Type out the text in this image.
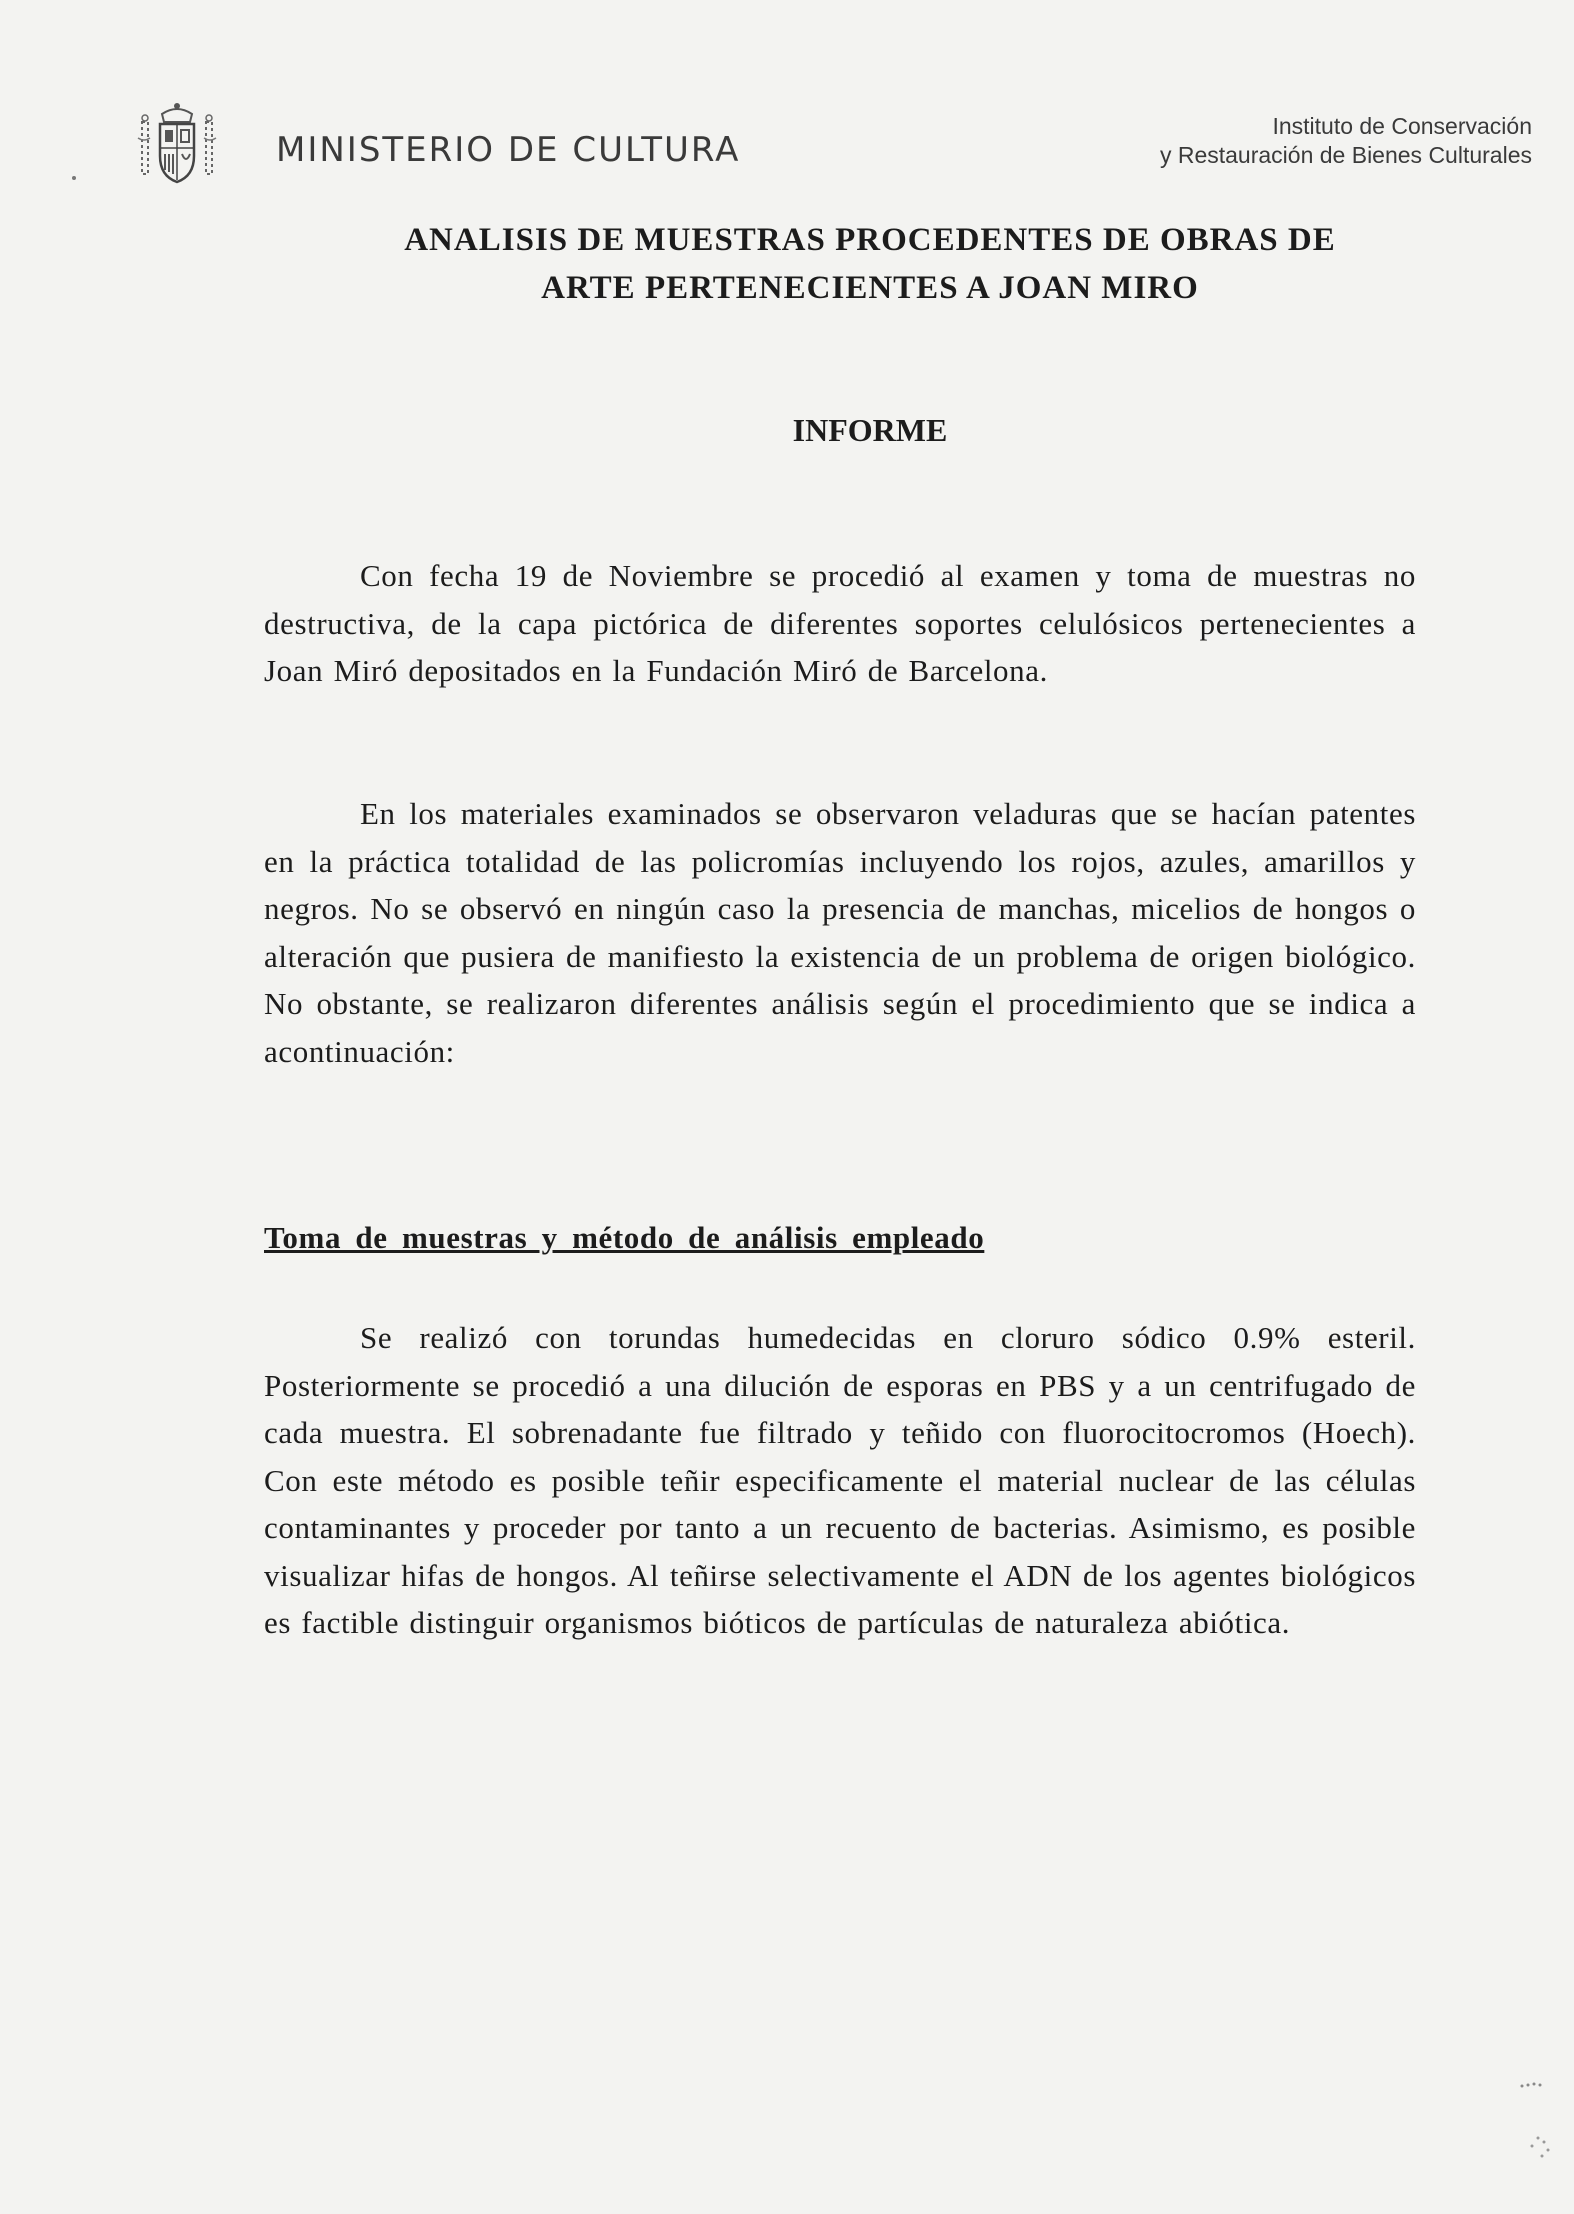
MINISTERIO DE CULTURA
Instituto de Conservación
y Restauración de Bienes Culturales
ANALISIS DE MUESTRAS PROCEDENTES DE OBRAS DE
ARTE PERTENECIENTES A JOAN MIRO
INFORME

Con fecha 19 de Noviembre se procedió al examen y toma de muestras no destructiva, de la capa pictórica de diferentes soportes celulósicos pertenecientes a Joan Miró depositados en la Fundación Miró de Barcelona.

En los materiales examinados se observaron veladuras que se hacían patentes en la práctica totalidad de las policromías incluyendo los rojos, azules, amarillos y negros. No se observó en ningún caso la presencia de manchas, micelios de hongos o alteración que pusiera de manifiesto la existencia de un problema de origen biológico. No obstante, se realizaron diferentes análisis según el procedimiento que se indica a acontinuación:

Toma de muestras y método de análisis empleado

Se realizó con torundas humedecidas en cloruro sódico 0.9% esteril. Posteriormente se procedió a una dilución de esporas en PBS y a un centrifugado de cada muestra. El sobrenadante fue filtrado y teñido con fluorocitocromos (Hoech). Con este método es posible teñir especificamente el material nuclear de las células contaminantes y proceder por tanto a un recuento de bacterias. Asimismo, es posible visualizar hifas de hongos. Al teñirse selectivamente el ADN de los agentes biológicos es factible distinguir organismos bióticos de partículas de naturaleza abiótica.
